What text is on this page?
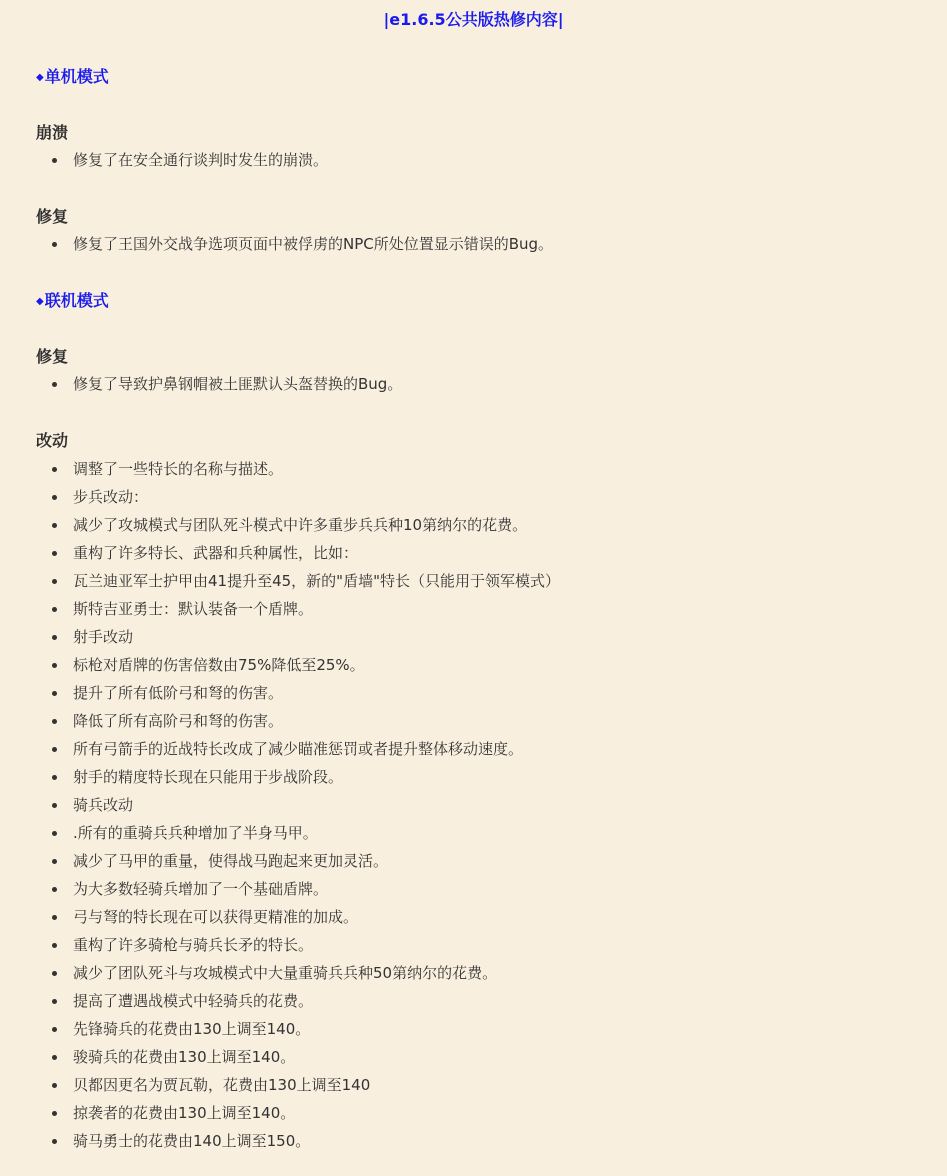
|e1.6.5公共版热修内容|
◆单机模式
崩溃
修复了在安全通行谈判时发生的崩溃。
修复
修复了王国外交战争选项页面中被俘虏的NPC所处位置显示错误的Bug。
◆联机模式
修复
修复了导致护鼻钢帽被土匪默认头盔替换的Bug。
改动
调整了一些特长的名称与描述。
步兵改动：
减少了攻城模式与团队死斗模式中许多重步兵兵种10第纳尔的花费。
重构了许多特长、武器和兵种属性，比如：
瓦兰迪亚军士护甲由41提升至45，新的"盾墙"特长（只能用于领军模式）
斯特吉亚勇士：默认装备一个盾牌。
射手改动
标枪对盾牌的伤害倍数由75%降低至25%。
提升了所有低阶弓和弩的伤害。
降低了所有高阶弓和弩的伤害。
所有弓箭手的近战特长改成了减少瞄准惩罚或者提升整体移动速度。
射手的精度特长现在只能用于步战阶段。
骑兵改动
.所有的重骑兵兵种增加了半身马甲。
减少了马甲的重量，使得战马跑起来更加灵活。
为大多数轻骑兵增加了一个基础盾牌。
弓与弩的特长现在可以获得更精准的加成。
重构了许多骑枪与骑兵长矛的特长。
减少了团队死斗与攻城模式中大量重骑兵兵种50第纳尔的花费。
提高了遭遇战模式中轻骑兵的花费。
先锋骑兵的花费由130上调至140。
骏骑兵的花费由130上调至140。
贝都因更名为贾瓦勒，花费由130上调至140
掠袭者的花费由130上调至140。
骑马勇士的花费由140上调至150。
